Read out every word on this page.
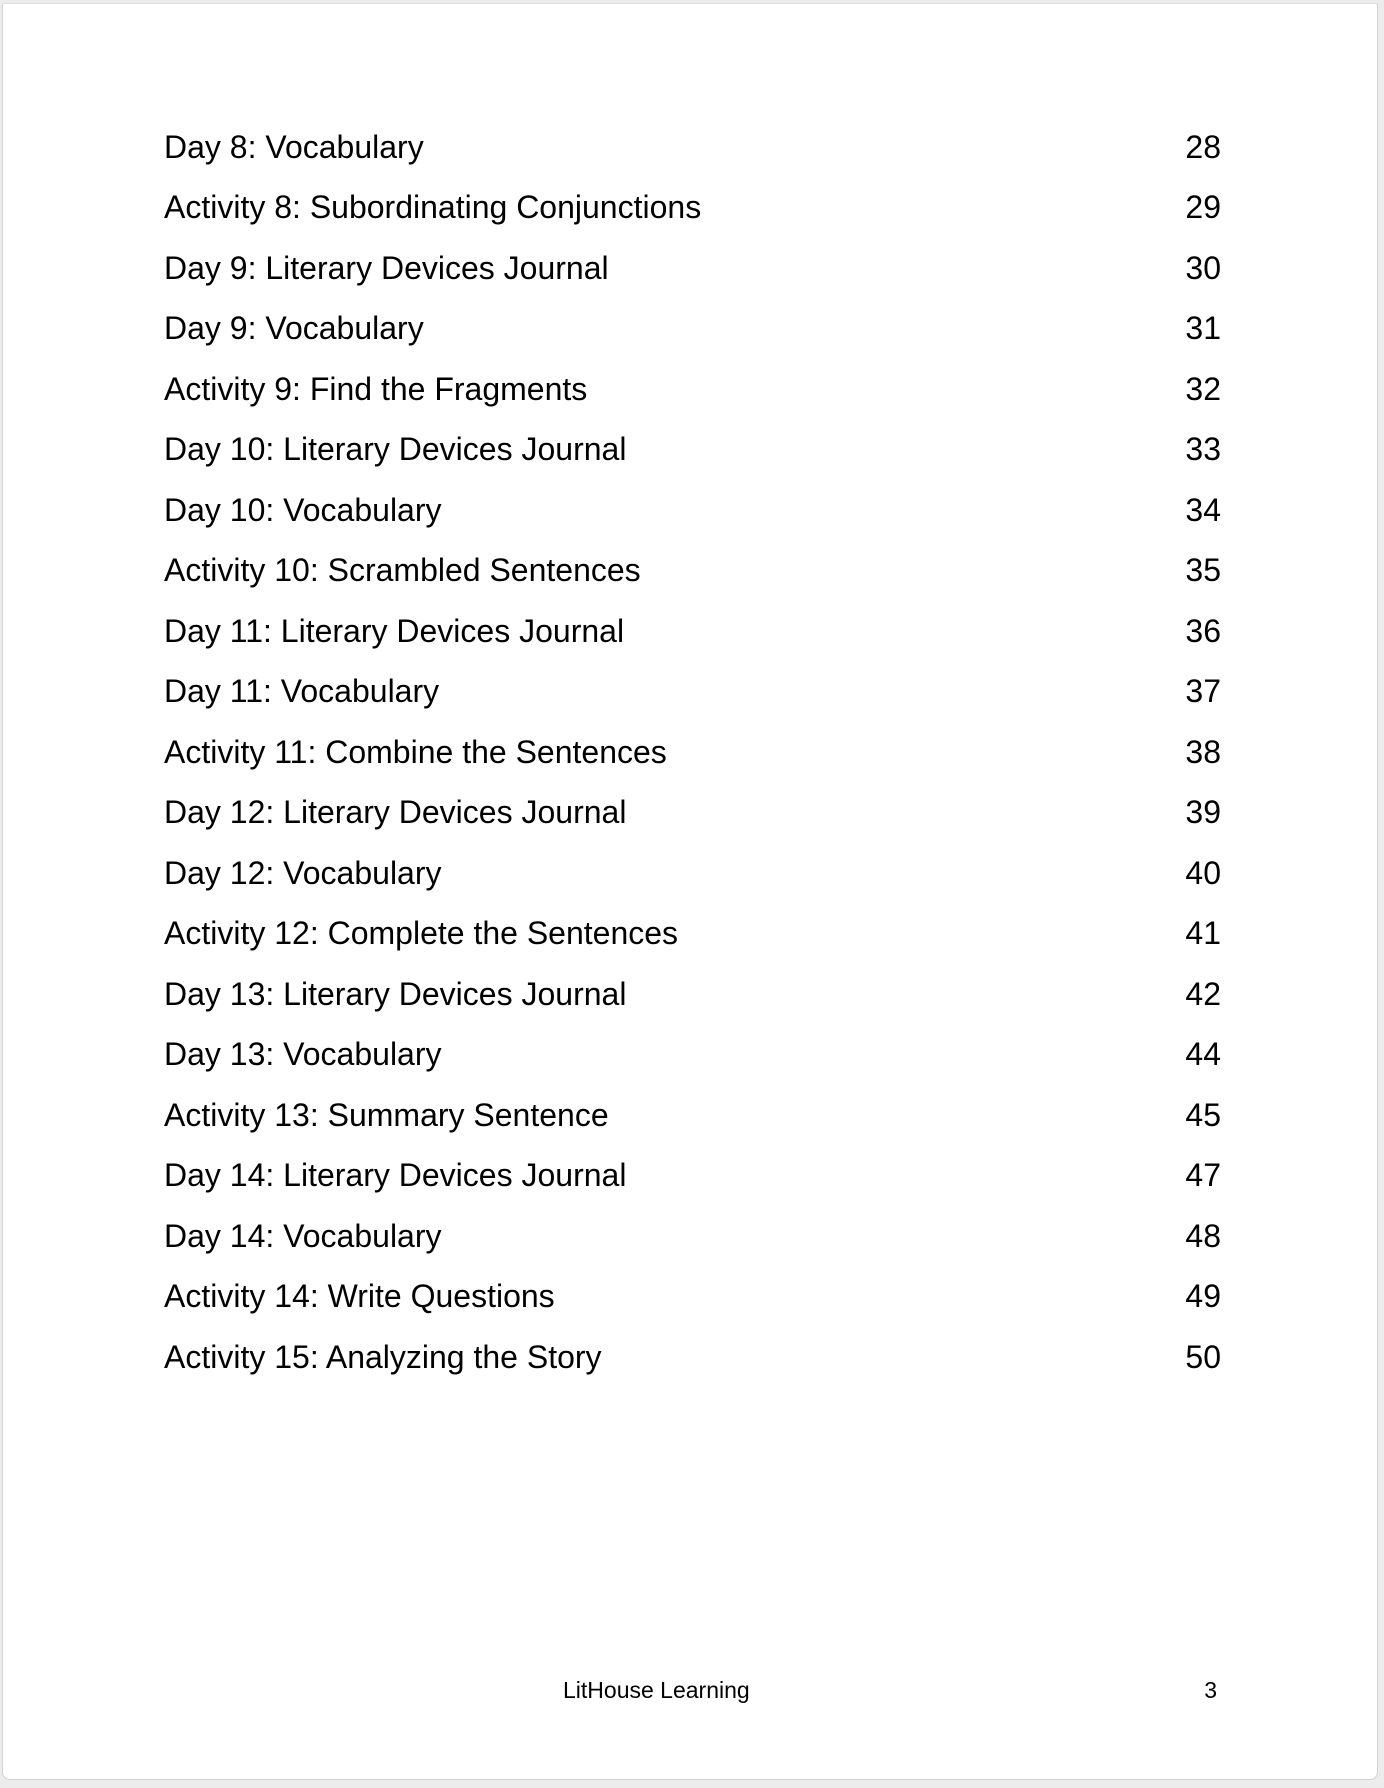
Day 8: Vocabulary	28
Activity 8: Subordinating Conjunctions	29
Day 9: Literary Devices Journal	30
Day 9: Vocabulary	31
Activity 9: Find the Fragments	32
Day 10: Literary Devices Journal	33
Day 10: Vocabulary	34
Activity 10: Scrambled Sentences	35
Day 11: Literary Devices Journal	36
Day 11: Vocabulary	37
Activity 11: Combine the Sentences	38
Day 12: Literary Devices Journal	39
Day 12: Vocabulary	40
Activity 12: Complete the Sentences	41
Day 13: Literary Devices Journal	42
Day 13: Vocabulary	44
Activity 13: Summary Sentence	45
Day 14: Literary Devices Journal	47
Day 14: Vocabulary	48
Activity 14: Write Questions	49
Activity 15: Analyzing the Story	50
LitHouse Learning	3
